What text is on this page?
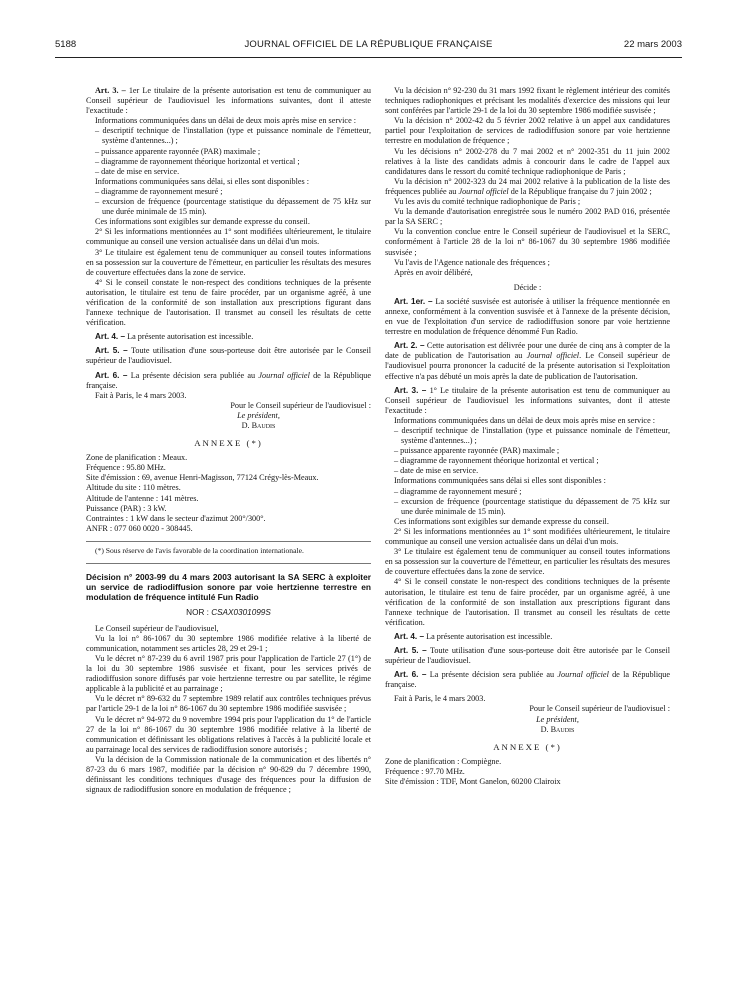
5188	JOURNAL OFFICIEL DE LA RÉPUBLIQUE FRANÇAISE	22 mars 2003

Art. 3. – 1er Le titulaire de la présente autorisation est tenu de communiquer au Conseil supérieur de l'audiovisuel les informations suivantes, dont il atteste l'exactitude :

Informations communiquées dans un délai de deux mois après mise en service :

– descriptif technique de l'installation (type et puissance nominale de l'émetteur, système d'antennes...) ;

– puissance apparente rayonnée (PAR) maximale ;

– diagramme de rayonnement théorique horizontal et vertical ;

– date de mise en service.

Informations communiquées sans délai, si elles sont disponibles :

– diagramme de rayonnement mesuré ;

– excursion de fréquence (pourcentage statistique du dépassement de 75 kHz sur une durée minimale de 15 min).

Ces informations sont exigibles sur demande expresse du conseil.

2° Si les informations mentionnées au 1° sont modifiées ultérieurement, le titulaire communique au conseil une version actualisée dans un délai d'un mois.

3° Le titulaire est également tenu de communiquer au conseil toutes informations en sa possession sur la couverture de l'émetteur, en particulier les résultats des mesures de couverture effectuées dans la zone de service.

4° Si le conseil constate le non-respect des conditions techniques de la présente autorisation, le titulaire est tenu de faire procéder, par un organisme agréé, à une vérification de la conformité de son installation aux prescriptions figurant dans l'annexe technique de l'autorisation. Il transmet au conseil les résultats de cette vérification.

Art. 4. – La présente autorisation est incessible.

Art. 5. – Toute utilisation d'une sous-porteuse doit être autorisée par le Conseil supérieur de l'audiovisuel.

Art. 6. – La présente décision sera publiée au Journal officiel de la République française.

Fait à Paris, le 4 mars 2003.

Pour le Conseil supérieur de l'audiovisuel :

Le président,

D. Baudis

ANNEXE (*)

Zone de planification : Meaux.

Fréquence : 95.80 MHz.

Site d'émission : 69, avenue Henri-Magisson, 77124 Crégy-lès-Meaux.

Altitude du site : 110 mètres.

Altitude de l'antenne : 141 mètres.

Puissance (PAR) : 3 kW.

Contraintes : 1 kW dans le secteur d'azimut 200°/300°.

ANFR : 077 060 0020 - 308445.

(*) Sous réserve de l'avis favorable de la coordination internationale.

Décision n° 2003-99 du 4 mars 2003 autorisant la SA SERC à exploiter un service de radiodiffusion sonore par voie hertzienne terrestre en modulation de fréquence intitulé Fun Radio

NOR : CSAX0301099S

Le Conseil supérieur de l'audiovisuel,

Vu la loi n° 86-1067 du 30 septembre 1986 modifiée relative à la liberté de communication, notamment ses articles 28, 29 et 29-1 ;

Vu le décret n° 87-239 du 6 avril 1987 pris pour l'application de l'article 27 (1°) de la loi du 30 septembre 1986 susvisée et fixant, pour les services privés de radiodiffusion sonore diffusés par voie hertzienne terrestre ou par satellite, le régime applicable à la publicité et au parrainage ;

Vu le décret n° 89-632 du 7 septembre 1989 relatif aux contrôles techniques prévus par l'article 29-1 de la loi n° 86-1067 du 30 septembre 1986 modifiée susvisée ;

Vu le décret n° 94-972 du 9 novembre 1994 pris pour l'application du 1° de l'article 27 de la loi n° 86-1067 du 30 septembre 1986 modifiée relative à la liberté de communication et définissant les obligations relatives à l'accès à la publicité locale et au parrainage local des services de radiodiffusion sonore autorisés ;

Vu la décision de la Commission nationale de la communication et des libertés n° 87-23 du 6 mars 1987, modifiée par la décision n° 90-829 du 7 décembre 1990, définissant les conditions techniques d'usage des fréquences pour la diffusion de signaux de radiodiffusion sonore en modulation de fréquence ;

Vu la décision n° 92-230 du 31 mars 1992 fixant le règlement intérieur des comités techniques radiophoniques et précisant les modalités d'exercice des missions qui leur sont conférées par l'article 29-1 de la loi du 30 septembre 1986 modifiée susvisée ;

Vu la décision n° 2002-42 du 5 février 2002 relative à un appel aux candidatures partiel pour l'exploitation de services de radiodiffusion sonore par voie hertzienne terrestre en modulation de fréquence ;

Vu les décisions n° 2002-278 du 7 mai 2002 et n° 2002-351 du 11 juin 2002 relatives à la liste des candidats admis à concourir dans le cadre de l'appel aux candidatures dans le ressort du comité technique radiophonique de Paris ;

Vu la décision n° 2002-323 du 24 mai 2002 relative à la publication de la liste des fréquences publiée au Journal officiel de la République française du 7 juin 2002 ;

Vu les avis du comité technique radiophonique de Paris ;

Vu la demande d'autorisation enregistrée sous le numéro 2002 PAD 016, présentée par la SA SERC ;

Vu la convention conclue entre le Conseil supérieur de l'audiovisuel et la SERC, conformément à l'article 28 de la loi n° 86-1067 du 30 septembre 1986 modifiée susvisée ;

Vu l'avis de l'Agence nationale des fréquences ;

Après en avoir délibéré,

Décide :

Art. 1er. – La société susvisée est autorisée à utiliser la fréquence mentionnée en annexe, conformément à la convention susvisée et à l'annexe de la présente décision, en vue de l'exploitation d'un service de radiodiffusion sonore par voie hertzienne terrestre en modulation de fréquence dénommé Fun Radio.

Art. 2. – Cette autorisation est délivrée pour une durée de cinq ans à compter de la date de publication de l'autorisation au Journal officiel. Le Conseil supérieur de l'audiovisuel pourra prononcer la caducité de la présente autorisation si l'exploitation effective n'a pas débuté un mois après la date de publication de l'autorisation.

Art. 3. – 1° Le titulaire de la présente autorisation est tenu de communiquer au Conseil supérieur de l'audiovisuel les informations suivantes, dont il atteste l'exactitude :

Informations communiquées dans un délai de deux mois après mise en service :

– descriptif technique de l'installation (type et puissance nominale de l'émetteur, système d'antennes...) ;

– puissance apparente rayonnée (PAR) maximale ;

– diagramme de rayonnement théorique horizontal et vertical ;

– date de mise en service.

Informations communiquées sans délai si elles sont disponibles :

– diagramme de rayonnement mesuré ;

– excursion de fréquence (pourcentage statistique du dépassement de 75 kHz sur une durée minimale de 15 min).

Ces informations sont exigibles sur demande expresse du conseil.

2° Si les informations mentionnées au 1° sont modifiées ultérieurement, le titulaire communique au conseil une version actualisée dans un délai d'un mois.

3° Le titulaire est également tenu de communiquer au conseil toutes informations en sa possession sur la couverture de l'émetteur, en particulier les résultats des mesures de couverture effectuées dans la zone de service.

4° Si le conseil constate le non-respect des conditions techniques de la présente autorisation, le titulaire est tenu de faire procéder, par un organisme agréé, à une vérification de la conformité de son installation aux prescriptions figurant dans l'annexe technique de l'autorisation. Il transmet au conseil les résultats de cette vérification.

Art. 4. – La présente autorisation est incessible.

Art. 5. – Toute utilisation d'une sous-porteuse doit être autorisée par le Conseil supérieur de l'audiovisuel.

Art. 6. – La présente décision sera publiée au Journal officiel de la République française.

Fait à Paris, le 4 mars 2003.

Pour le Conseil supérieur de l'audiovisuel :

Le président,

D. Baudis

ANNEXE (*)

Zone de planification : Compiègne.

Fréquence : 97.70 MHz.

Site d'émission : TDF, Mont Ganelon, 60200 Clairoix
